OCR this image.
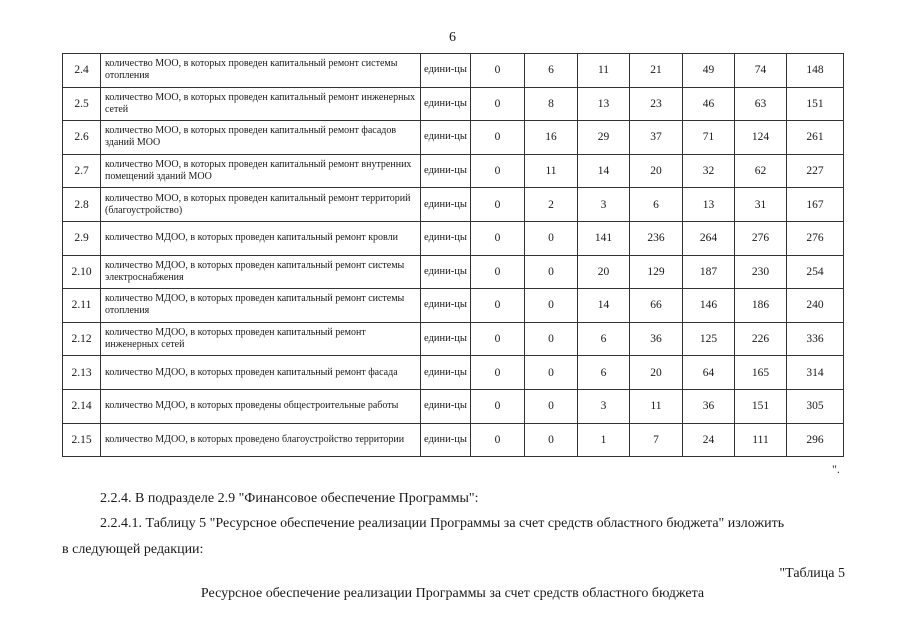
6
2.4	количество МОО, в которых проведен капитальный ремонт системы отопления	едини-цы	0	6	11	21	49	74	148
2.5	количество МОО, в которых проведен капитальный ремонт инженерных сетей	едини-цы	0	8	13	23	46	63	151
2.6	количество МОО, в которых проведен капитальный ремонт фасадов зданий МОО	едини-цы	0	16	29	37	71	124	261
2.7	количество МОО, в которых проведен капитальный ремонт внутренних помещений зданий МОО	едини-цы	0	11	14	20	32	62	227
2.8	количество МОО, в которых проведен капитальный ремонт территорий (благоустройство)	едини-цы	0	2	3	6	13	31	167
2.9	количество МДОО, в которых проведен капитальный ремонт кровли	едини-цы	0	0	141	236	264	276	276
2.10	количество МДОО, в которых проведен капитальный ремонт системы электроснабжения	едини-цы	0	0	20	129	187	230	254
2.11	количество МДОО, в которых проведен капитальный ремонт системы отопления	едини-цы	0	0	14	66	146	186	240
2.12	количество МДОО, в которых проведен капитальный ремонт инженерных сетей	едини-цы	0	0	6	36	125	226	336
2.13	количество МДОО, в которых проведен капитальный ремонт фасада	едини-цы	0	0	6	20	64	165	314
2.14	количество МДОО, в которых проведены общестроительные работы	едини-цы	0	0	3	11	36	151	305
2.15	количество МДОО, в которых проведено благоустройство территории	едини-цы	0	0	1	7	24	111	296
".
2.2.4. В подразделе 2.9 "Финансовое обеспечение Программы":
2.2.4.1. Таблицу 5 "Ресурсное обеспечение реализации Программы за счет средств областного бюджета" изложить
в следующей редакции:
"Таблица 5
Ресурсное обеспечение реализации Программы за счет средств областного бюджета
